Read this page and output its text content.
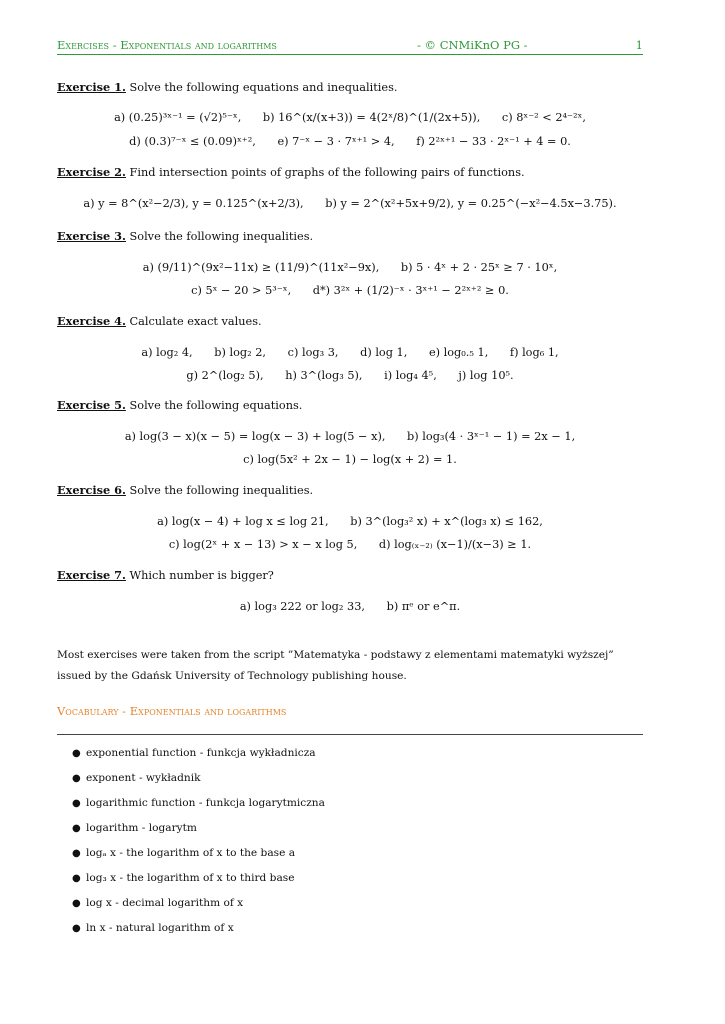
Exercises - Exponentials and logarithms	- © CNMiKnO PG -	1
Exercise 1. Solve the following equations and inequalities.
a) (0.25)³ˣ⁻¹ = (√2)⁵⁻ˣ, b) 16^(x/(x+3)) = 4(2ˣ/8)^(1/(2x+5)), c) 8ˣ⁻² < 2⁴⁻²ˣ,
d) (0.3)⁷⁻ˣ ≤ (0.09)ˣ⁺², e) 7⁻ˣ − 3 · 7ˣ⁺¹ > 4, f) 2²ˣ⁺¹ − 33 · 2ˣ⁻¹ + 4 = 0.
Exercise 2. Find intersection points of graphs of the following pairs of functions.
a) y = 8^(x²−2/3), y = 0.125^(x+2/3), b) y = 2^(x²+5x+9/2), y = 0.25^(−x²−4.5x−3.75).
Exercise 3. Solve the following inequalities.
a) (9/11)^(9x²−11x) ≥ (11/9)^(11x²−9x), b) 5 · 4ˣ + 2 · 25ˣ ≥ 7 · 10ˣ,
c) 5ˣ − 20 > 5³⁻ˣ, d*) 3²ˣ + (1/2)⁻ˣ · 3ˣ⁺¹ − 2²ˣ⁺² ≥ 0.
Exercise 4. Calculate exact values.
a) log₂ 4, b) log₂ 2, c) log₃ 3, d) log 1, e) log₀.₅ 1, f) log₆ 1,
g) 2^(log₂ 5), h) 3^(log₃ 5), i) log₄ 4⁵, j) log 10⁵.
Exercise 5. Solve the following equations.
a) log(3 − x)(x − 5) = log(x − 3) + log(5 − x), b) log₃(4 · 3ˣ⁻¹ − 1) = 2x − 1,
c) log(5x² + 2x − 1) − log(x + 2) = 1.
Exercise 6. Solve the following inequalities.
a) log(x − 4) + log x ≤ log 21, b) 3^(log₃² x) + x^(log₃ x) ≤ 162,
c) log(2ˣ + x − 13) > x − x log 5, d) log₍ₓ₋₂₎ (x−1)/(x−3) ≥ 1.
Exercise 7. Which number is bigger?
a) log₃ 222 or log₂ 33, b) πᵉ or e^π.
Most exercises were taken from the script ”Matematyka - podstawy z elementami matematyki wyższej” issued by the Gdańsk University of Technology publishing house.
Vocabulary - Exponentials and logarithms
● exponential function - funkcja wykładnicza
● exponent - wykładnik
● logarithmic function - funkcja logarytmiczna
● logarithm - logarytm
● logₐ x - the logarithm of x to the base a
● log₃ x - the logarithm of x to third base
● log x - decimal logarithm of x
● ln x - natural logarithm of x
